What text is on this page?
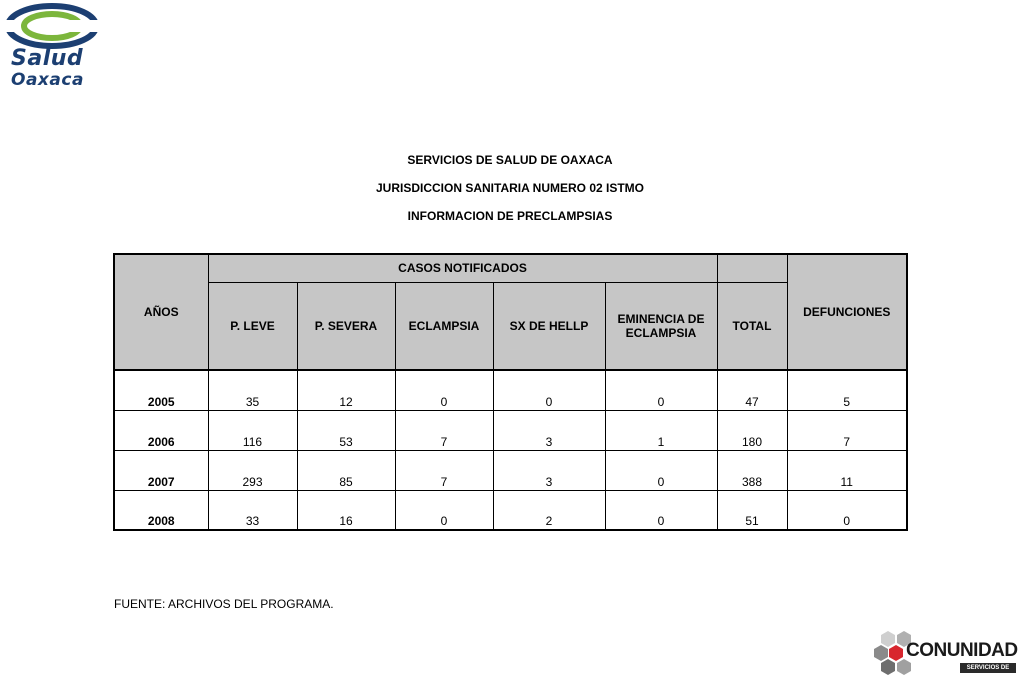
Salud
Oaxaca
SERVICIOS DE SALUD DE OAXACA
JURISDICCION SANITARIA NUMERO 02 ISTMO
INFORMACION DE PRECLAMPSIAS
AÑOS	CASOS NOTIFICADOS						DEFUNCIONES
	P. LEVE	P. SEVERA	ECLAMPSIA	SX DE HELLP	EMINENCIA DE ECLAMPSIA	TOTAL	
2005	35	12	0	0	0	47	5
2006	116	53	7	3	1	180	7
2007	293	85	7	3	0	388	11
2008	33	16	0	2	0	51	0
FUENTE: ARCHIVOS DEL PROGRAMA.
CONUNIDAD
SERVICIOS DE SALUD
